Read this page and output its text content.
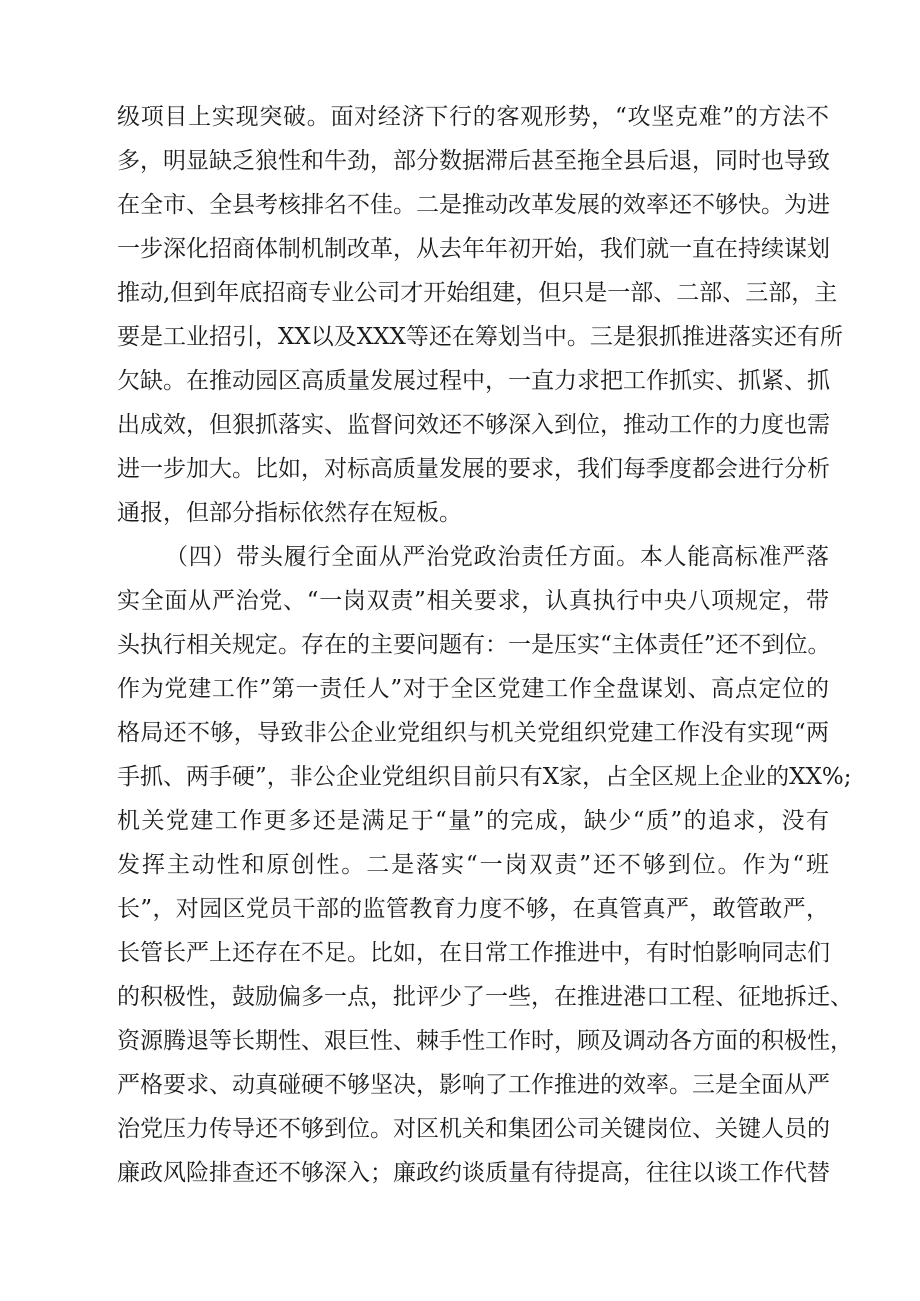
级项目上实现突破。面对经济下行的客观形势，“攻坚克难”的方法不
多，明显缺乏狼性和牛劲，部分数据滞后甚至拖全县后退，同时也导致
在全市、全县考核排名不佳。二是推动改革发展的效率还不够快。为进
一步深化招商体制机制改革，从去年年初开始，我们就一直在持续谋划
推动,但到年底招商专业公司才开始组建，但只是一部、二部、三部，主
要是工业招引，XX以及XXX等还在筹划当中。三是狠抓推进落实还有所
欠缺。在推动园区高质量发展过程中，一直力求把工作抓实、抓紧、抓
出成效，但狠抓落实、监督问效还不够深入到位，推动工作的力度也需
进一步加大。比如，对标高质量发展的要求，我们每季度都会进行分析
通报，但部分指标依然存在短板。
（四）带头履行全面从严治党政治责任方面。本人能高标准严落
实全面从严治党、“一岗双责”相关要求，认真执行中央八项规定，带
头执行相关规定。存在的主要问题有：一是压实“主体责任”还不到位。
作为党建工作”第一责任人”对于全区党建工作全盘谋划、高点定位的
格局还不够，导致非公企业党组织与机关党组织党建工作没有实现“两
手抓、两手硬”，非公企业党组织目前只有X家，占全区规上企业的XX%;
机关党建工作更多还是满足于“量”的完成，缺少“质”的追求，没有
发挥主动性和原创性。二是落实“一岗双责”还不够到位。作为“班
长”，对园区党员干部的监管教育力度不够，在真管真严，敢管敢严，
长管长严上还存在不足。比如，在日常工作推进中，有时怕影响同志们
的积极性，鼓励偏多一点，批评少了一些，在推进港口工程、征地拆迁、
资源腾退等长期性、艰巨性、棘手性工作时，顾及调动各方面的积极性，
严格要求、动真碰硬不够坚决，影响了工作推进的效率。三是全面从严
治党压力传导还不够到位。对区机关和集团公司关键岗位、关键人员的
廉政风险排查还不够深入；廉政约谈质量有待提高，往往以谈工作代替
